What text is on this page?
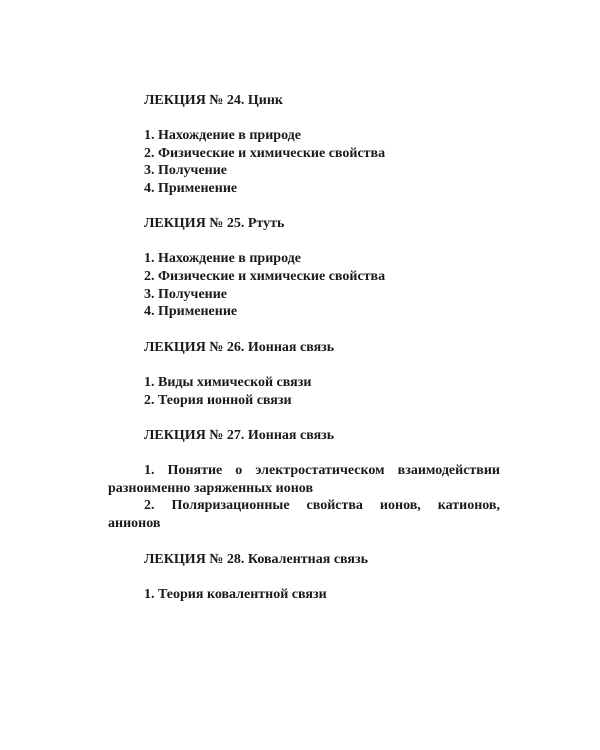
ЛЕКЦИЯ № 24. Цинк
1. Нахождение в природе
2. Физические и химические свойства
3. Получение
4. Применение
ЛЕКЦИЯ № 25. Ртуть
1. Нахождение в природе
2. Физические и химические свойства
3. Получение
4. Применение
ЛЕКЦИЯ № 26. Ионная связь
1. Виды химической связи
2. Теория ионной связи
ЛЕКЦИЯ № 27. Ионная связь
1. Понятие о электростатическом взаимодействии разноименно заряженных ионов
2. Поляризационные свойства ионов, катионов, анионов
ЛЕКЦИЯ № 28. Ковалентная связь
1. Теория ковалентной связи
